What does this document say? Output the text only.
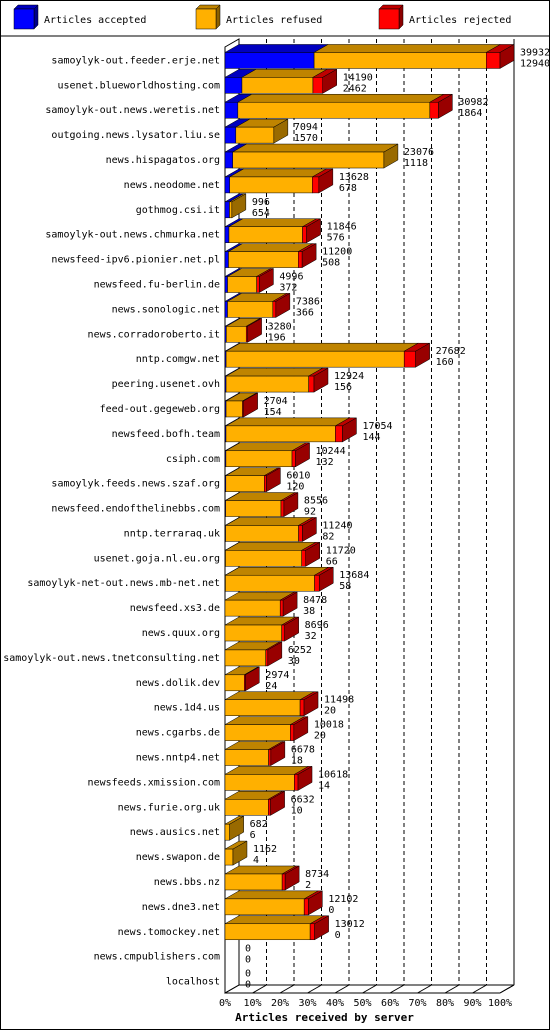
Articles accepted	Articles refused	Articles rejected
0% 10% 20% 30% 40% 50% 60% 70% 80% 90% 100%
Articles received by server
samoylyk-out.feeder.erje.net
39932
12940
usenet.blueworldhosting.com
14190
2462
samoylyk-out.news.weretis.net
30982
1864
outgoing.news.lysator.liu.se
7094
1570
news.hispagatos.org
23076
1118
news.neodome.net
13628
678
gothmog.csi.it
996
654
samoylyk-out.news.chmurka.net
11846
576
newsfeed-ipv6.pionier.net.pl
11200
508
newsfeed.fu-berlin.de
4996
372
news.sonologic.net
7386
366
news.corradoroberto.it
3280
196
nntp.comgw.net
27682
160
peering.usenet.ovh
12924
156
feed-out.gegeweb.org
2704
154
newsfeed.bofh.team
17054
144
csiph.com
10244
132
samoylyk.feeds.news.szaf.org
6010
120
newsfeed.endofthelinebbs.com
8556
92
nntp.terraraq.uk
11240
82
usenet.goja.nl.eu.org
11720
66
samoylyk-net-out.news.mb-net.net
13684
58
newsfeed.xs3.de
8478
38
news.quux.org
8696
32
samoylyk-out.news.tnetconsulting.net
6252
30
news.dolik.dev
2974
24
news.1d4.us
11498
20
news.cgarbs.de
10018
20
news.nntp4.net
6678
18
newsfeeds.xmission.com
10618
14
news.furie.org.uk
6632
10
news.ausics.net
682
6
news.swapon.de
1162
4
news.bbs.nz
8734
2
news.dne3.net
12102
0
news.tomockey.net
13012
0
news.cmpublishers.com
0
0
localhost
0
0
